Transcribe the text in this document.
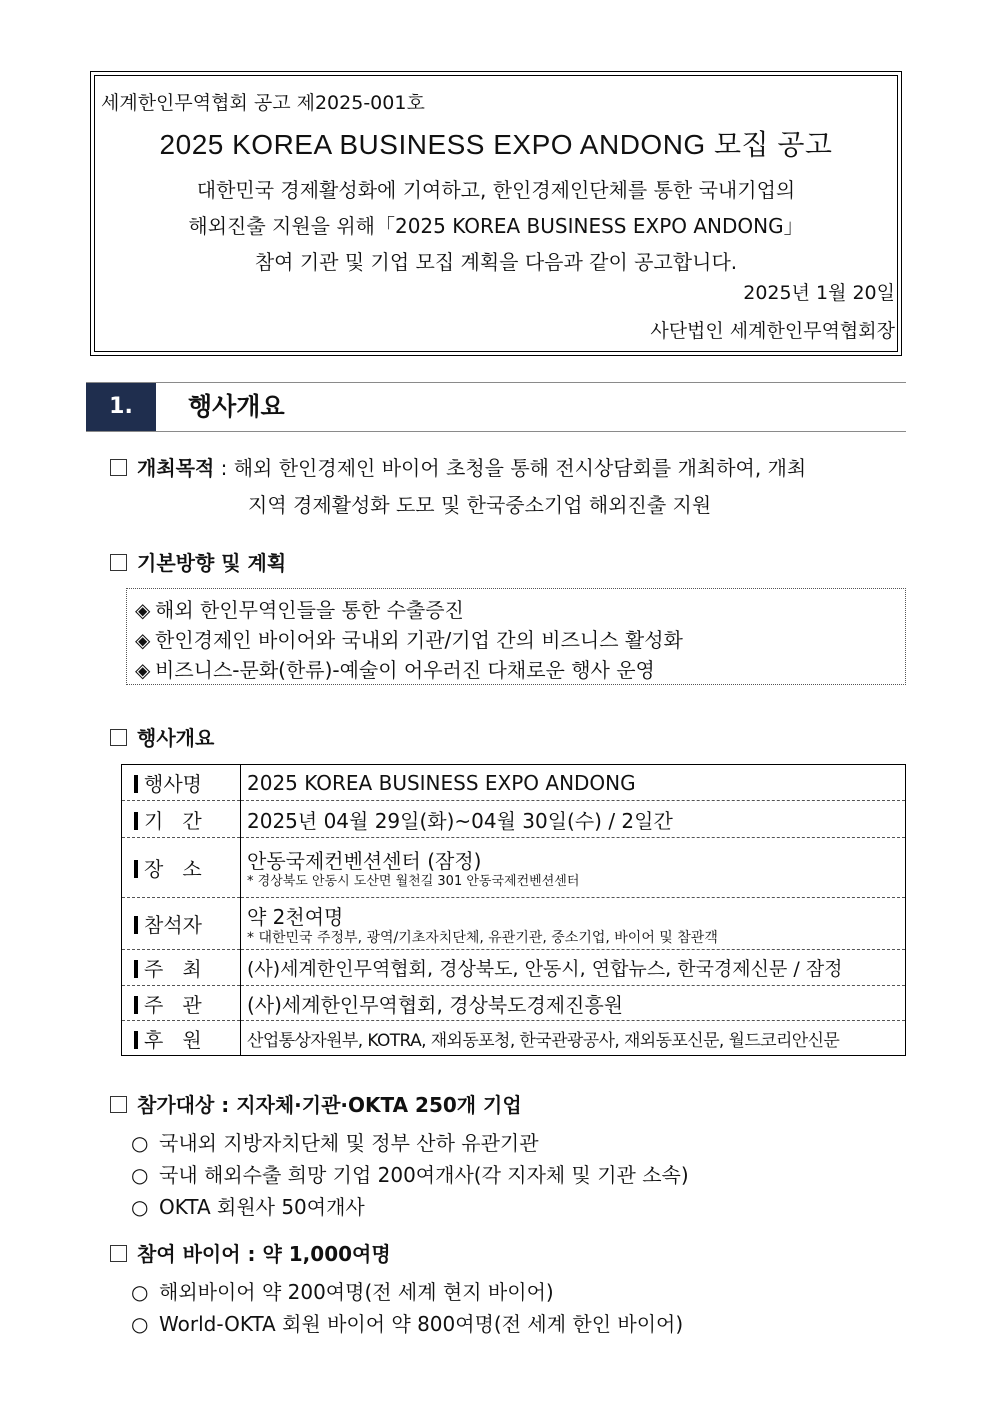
세계한인무역협회 공고 제2025-001호
2025 KOREA BUSINESS EXPO ANDONG 모집 공고
대한민국 경제활성화에 기여하고, 한인경제인단체를 통한 국내기업의
해외진출 지원을 위해「2025 KOREA BUSINESS EXPO ANDONG」
참여 기관 및 기업 모집 계획을 다음과 같이 공고합니다.
2025년 1월 20일
사단법인 세계한인무역협회장
1.	행사개요
개최목적 : 해외 한인경제인 바이어 초청을 통해 전시상담회를 개최하여, 개최
지역 경제활성화 도모 및 한국중소기업 해외진출 지원
기본방향 및 계획
◈ 해외 한인무역인들을 통한 수출증진
◈ 한인경제인 바이어와 국내외 기관/기업 간의 비즈니스 활성화
◈ 비즈니스-문화(한류)-예술이 어우러진 다채로운 행사 운영
행사개요
행사명	2025 KOREA BUSINESS EXPO ANDONG

기   간	2025년 04월 29일(화)~04월 30일(수) / 2일간

장   소	안동국제컨벤션센터 (잠정)
* 경상북도 안동시 도산면 월천길 301 안동국제컨벤션센터

참석자	약 2천여명
* 대한민국 주정부, 광역/기초자치단체, 유관기관, 중소기업, 바이어 및 참관객

주   최	(사)세계한인무역협회, 경상북도, 안동시, 연합뉴스, 한국경제신문 / 잠정

주   관	(사)세계한인무역협회, 경상북도경제진흥원

후   원	산업통상자원부, KOTRA, 재외동포청, 한국관광공사, 재외동포신문, 월드코리안신문
참가대상 : 지자체·기관·OKTA 250개 기업
○ 국내외 지방자치단체 및 정부 산하 유관기관
○ 국내 해외수출 희망 기업 200여개사(각 지자체 및 기관 소속)
○ OKTA 회원사 50여개사
참여 바이어 : 약 1,000여명
○ 해외바이어 약 200여명(전 세계 현지 바이어)
○ World-OKTA 회원 바이어 약 800여명(전 세계 한인 바이어)
